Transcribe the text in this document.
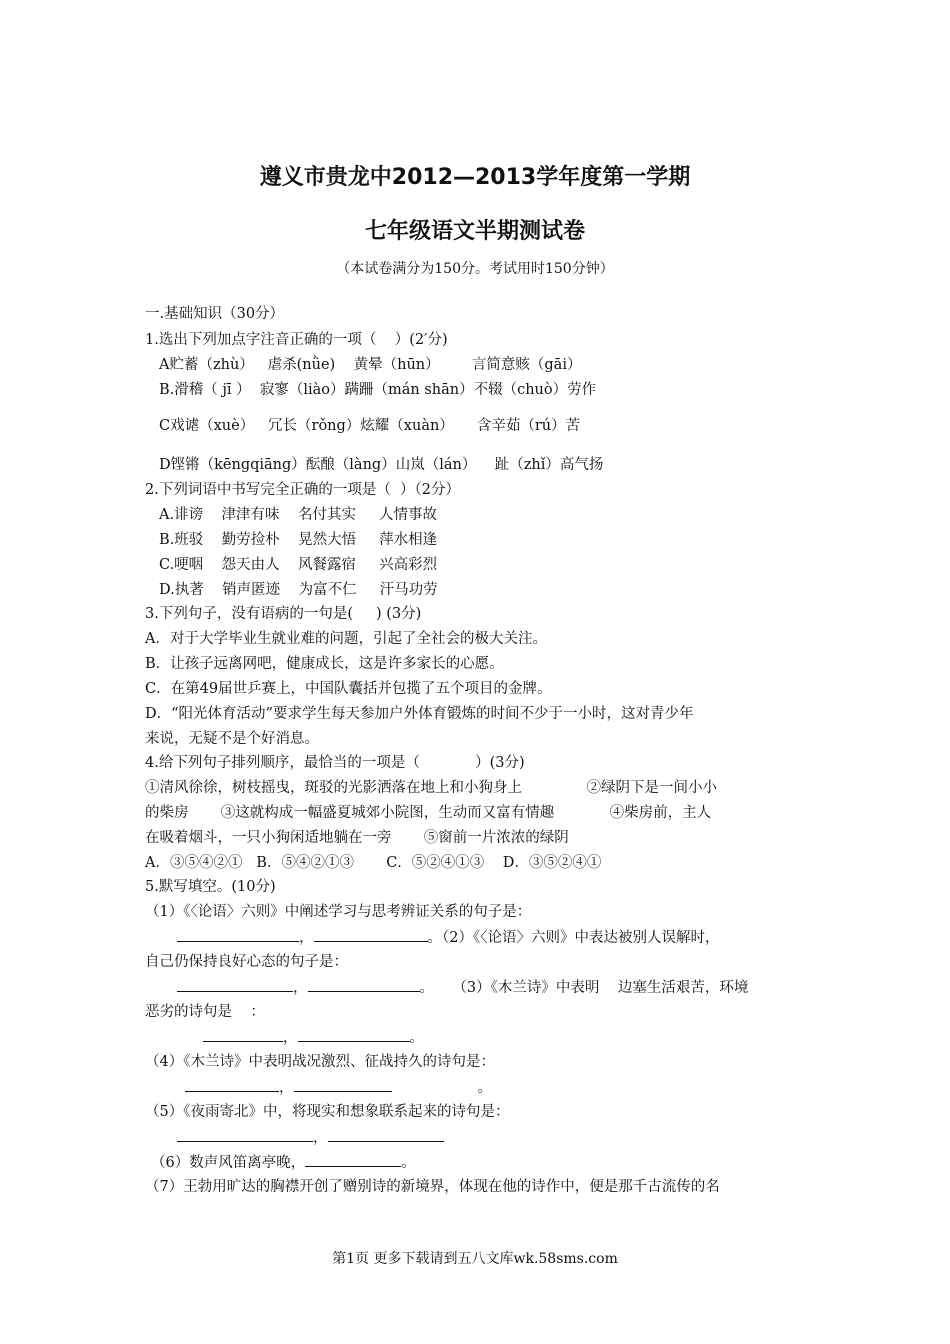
遵义市贵龙中2012—2013学年度第一学期
七年级语文半期测试卷
（本试卷满分为150分。考试用时150分钟）
一.基础知识（30分）
1.选出下列加点字注音正确的一项（    ）(2′分)
A贮蓄（zhù）   虐杀(nǜe)    黄晕（hūn）       言简意赅（gāi）
B.滑稽（ jī ）  寂寥（liào）蹒跚（mán shān）不辍（chuò）劳作
C戏谑（xuè）   冗长（rǒng）炫耀（xuàn）     含辛茹（rú）苦
D铿锵（kēngqiāng）酝酿（làng）山岚（lán）    趾（zhǐ）高气扬
2.下列词语中书写完全正确的一项是（  ）（2分）
A.诽谤    津津有味    名付其实     人情事故
B.班驳    勤劳捡朴    晃然大悟     萍水相逢
C.哽咽    怨天由人    风餐露宿     兴高彩烈
D.执著    销声匿迹    为富不仁     汗马功劳
3.下列句子，没有语病的一句是(     ) (3分)
A．对于大学毕业生就业难的问题，引起了全社会的极大关注。
B．让孩子远离网吧，健康成长，这是许多家长的心愿。
C．在第49届世乒赛上，中国队囊括并包揽了五个项目的金牌。
D．“阳光体育活动”要求学生每天参加户外体育锻炼的时间不少于一小时，这对青少年
来说，无疑不是个好消息。
4.给下列句子排列顺序，最恰当的一项是（            ）(3分)
①清风徐徐，树枝摇曳，斑驳的光影洒落在地上和小狗身上              ②绿阴下是一间小小
的柴房       ③这就构成一幅盛夏城郊小院图，生动而又富有情趣            ④柴房前，主人
在吸着烟斗，一只小狗闲适地躺在一旁       ⑤窗前一片浓浓的绿阴
A．③⑤④②①   B．⑤④②①③       C．⑤②④①③    D．③⑤②④①
5.默写填空。(10分)
（1）《〈论语〉六则》中阐述学习与思考辨证关系的句子是：
，	。（2）《〈论语〉六则》中表达被别人误解时，
自己仍保持良好心态的句子是：
，	。    （3）《木兰诗》中表明    边塞生活艰苦，环境
恶劣的诗句是    ：
，	。
（4）《木兰诗》中表明战况激烈、征战持久的诗句是：
，	。
（5）《夜雨寄北》中，将现实和想象联系起来的诗句是：
，
（6）数声风笛离亭晚，	。
（7）王勃用旷达的胸襟开创了赠别诗的新境界，体现在他的诗作中，便是那千古流传的名
第1页 更多下载请到五八文库wk.58sms.com
